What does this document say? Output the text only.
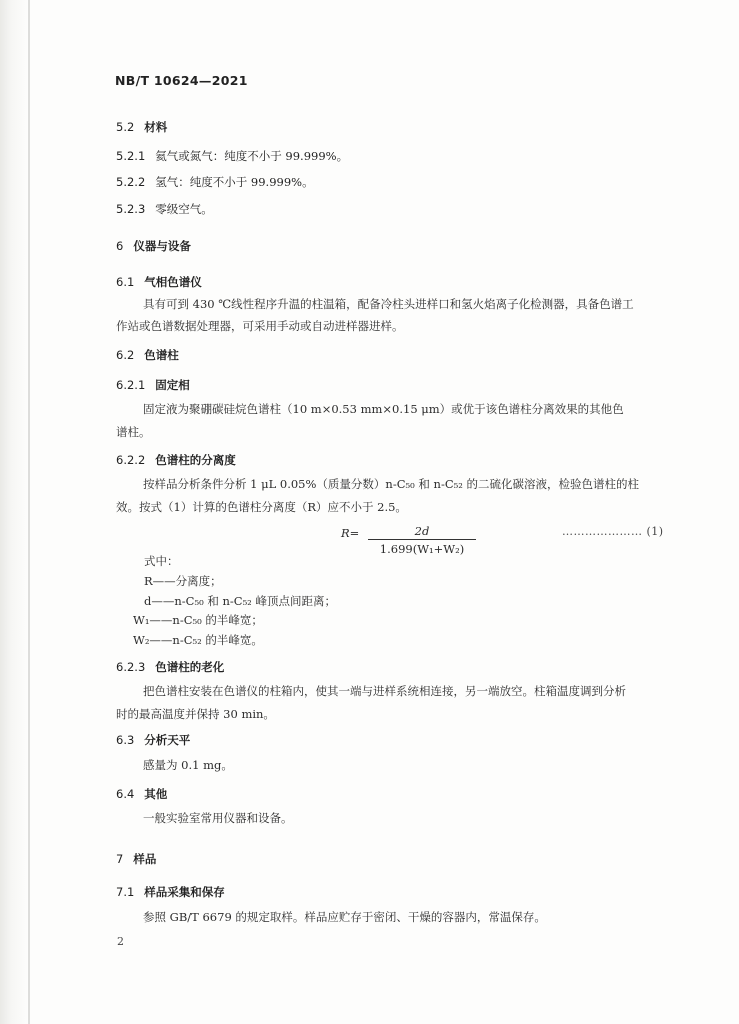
NB/T 10624—2021
5.2 材料
5.2.1 氦气或氮气：纯度不小于 99.999%。
5.2.2 氢气：纯度不小于 99.999%。
5.2.3 零级空气。
6 仪器与设备
6.1 气相色谱仪
具有可到 430 ℃线性程序升温的柱温箱，配备冷柱头进样口和氢火焰离子化检测器，具备色谱工
作站或色谱数据处理器，可采用手动或自动进样器进样。
6.2 色谱柱
6.2.1 固定相
固定液为聚硼碳硅烷色谱柱（10 m×0.53 mm×0.15 μm）或优于该色谱柱分离效果的其他色
谱柱。
6.2.2 色谱柱的分离度
按样品分析条件分析 1 μL 0.05%（质量分数）n-C₅₀ 和 n-C₅₂ 的二硫化碳溶液，检验色谱柱的柱
效。按式（1）计算的色谱柱分离度（R）应不小于 2.5。
R=	2d
1.699(W₁+W₂)
………………… (1)
式中：
R——分离度；
d——n-C₅₀ 和 n-C₅₂ 峰顶点间距离；
W₁——n-C₅₀ 的半峰宽；
W₂——n-C₅₂ 的半峰宽。
6.2.3 色谱柱的老化
把色谱柱安装在色谱仪的柱箱内，使其一端与进样系统相连接，另一端放空。柱箱温度调到分析
时的最高温度并保持 30 min。
6.3 分析天平
感量为 0.1 mg。
6.4 其他
一般实验室常用仪器和设备。
7 样品
7.1 样品采集和保存
参照 GB/T 6679 的规定取样。样品应贮存于密闭、干燥的容器内，常温保存。
2
